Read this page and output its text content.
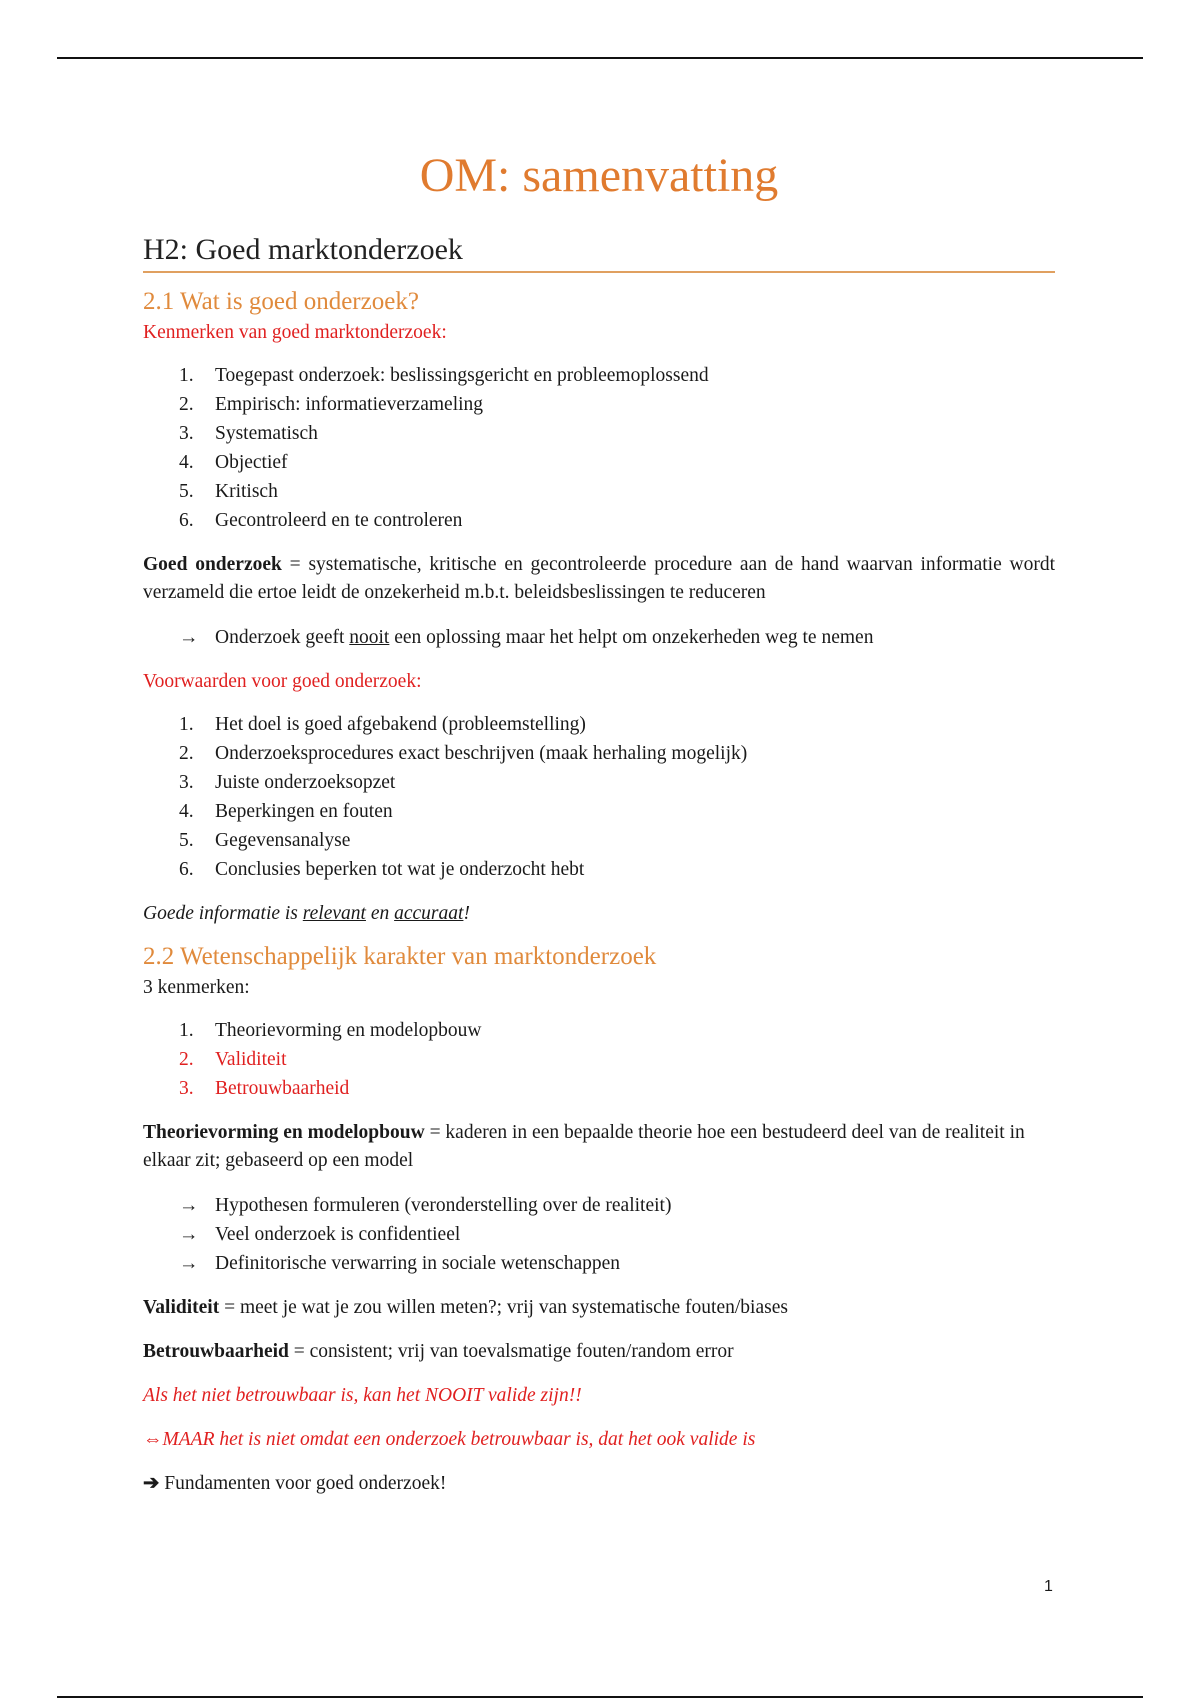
OM: samenvatting
H2: Goed marktonderzoek
2.1 Wat is goed onderzoek?

Kenmerken van goed marktonderzoek:

1.	Toegepast onderzoek: beslissingsgericht en probleemoplossend
2.	Empirisch: informatieverzameling
3.	Systematisch
4.	Objectief
5.	Kritisch
6.	Gecontroleerd en te controleren

Goed onderzoek = systematische, kritische en gecontroleerde procedure aan de hand waarvan informatie wordt verzameld die ertoe leidt de onzekerheid m.b.t. beleidsbeslissingen te reduceren

→ Onderzoek geeft nooit een oplossing maar het helpt om onzekerheden weg te nemen

Voorwaarden voor goed onderzoek:

1.	Het doel is goed afgebakend (probleemstelling)
2.	Onderzoeksprocedures exact beschrijven (maak herhaling mogelijk)
3.	Juiste onderzoeksopzet
4.	Beperkingen en fouten
5.	Gegevensanalyse
6.	Conclusies beperken tot wat je onderzocht hebt

Goede informatie is relevant en accuraat!

2.2 Wetenschappelijk karakter van marktonderzoek

3 kenmerken:

1.	Theorievorming en modelopbouw
2.	Validiteit
3.	Betrouwbaarheid

Theorievorming en modelopbouw = kaderen in een bepaalde theorie hoe een bestudeerd deel van de realiteit in elkaar zit; gebaseerd op een model

→ Hypothesen formuleren (veronderstelling over de realiteit)
→ Veel onderzoek is confidentieel
→ Definitorische verwarring in sociale wetenschappen

Validiteit = meet je wat je zou willen meten?; vrij van systematische fouten/biases

Betrouwbaarheid = consistent; vrij van toevalsmatige fouten/random error

Als het niet betrouwbaar is, kan het NOOIT valide zijn!!

⇔MAAR het is niet omdat een onderzoek betrouwbaar is, dat het ook valide is

➔ Fundamenten voor goed onderzoek!

1
